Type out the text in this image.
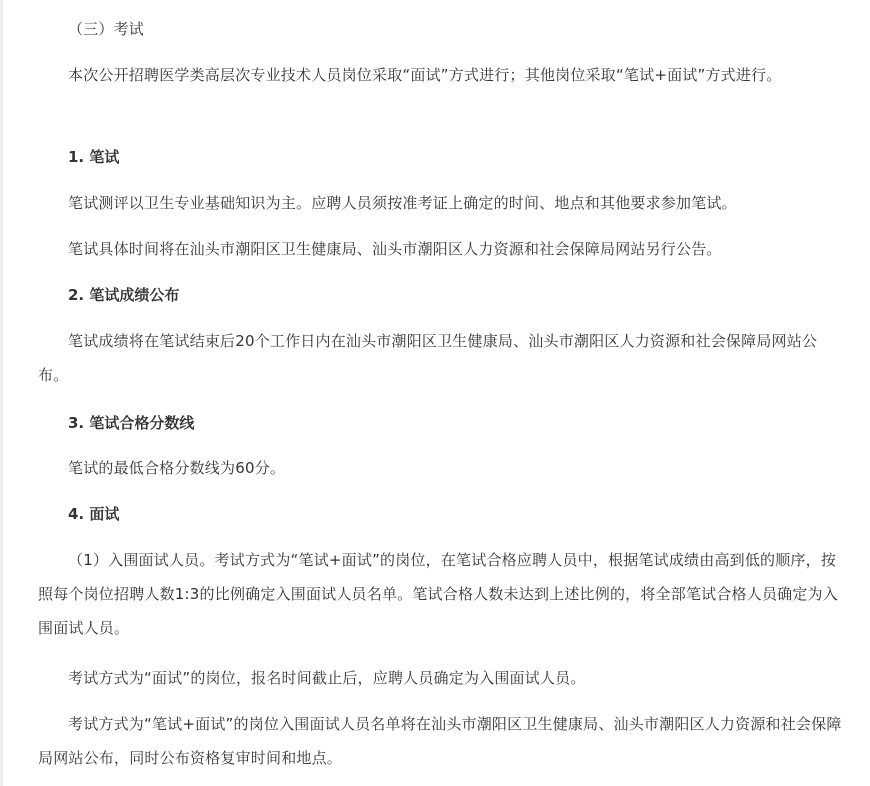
（三）考试

本次公开招聘医学类高层次专业技术人员岗位采取“面试”方式进行；其他岗位采取“笔试+面试”方式进行。

1. 笔试

笔试测评以卫生专业基础知识为主。应聘人员须按准考证上确定的时间、地点和其他要求参加笔试。

笔试具体时间将在汕头市潮阳区卫生健康局、汕头市潮阳区人力资源和社会保障局网站另行公告。

2. 笔试成绩公布

笔试成绩将在笔试结束后20个工作日内在汕头市潮阳区卫生健康局、汕头市潮阳区人力资源和社会保障局网站公布。

3. 笔试合格分数线

笔试的最低合格分数线为60分。

4. 面试

（1）入围面试人员。考试方式为“笔试+面试”的岗位，在笔试合格应聘人员中，根据笔试成绩由高到低的顺序，按照每个岗位招聘人数1:3的比例确定入围面试人员名单。笔试合格人数未达到上述比例的，将全部笔试合格人员确定为入围面试人员。

考试方式为“面试”的岗位，报名时间截止后，应聘人员确定为入围面试人员。

考试方式为“笔试+面试”的岗位入围面试人员名单将在汕头市潮阳区卫生健康局、汕头市潮阳区人力资源和社会保障局网站公布，同时公布资格复审时间和地点。
